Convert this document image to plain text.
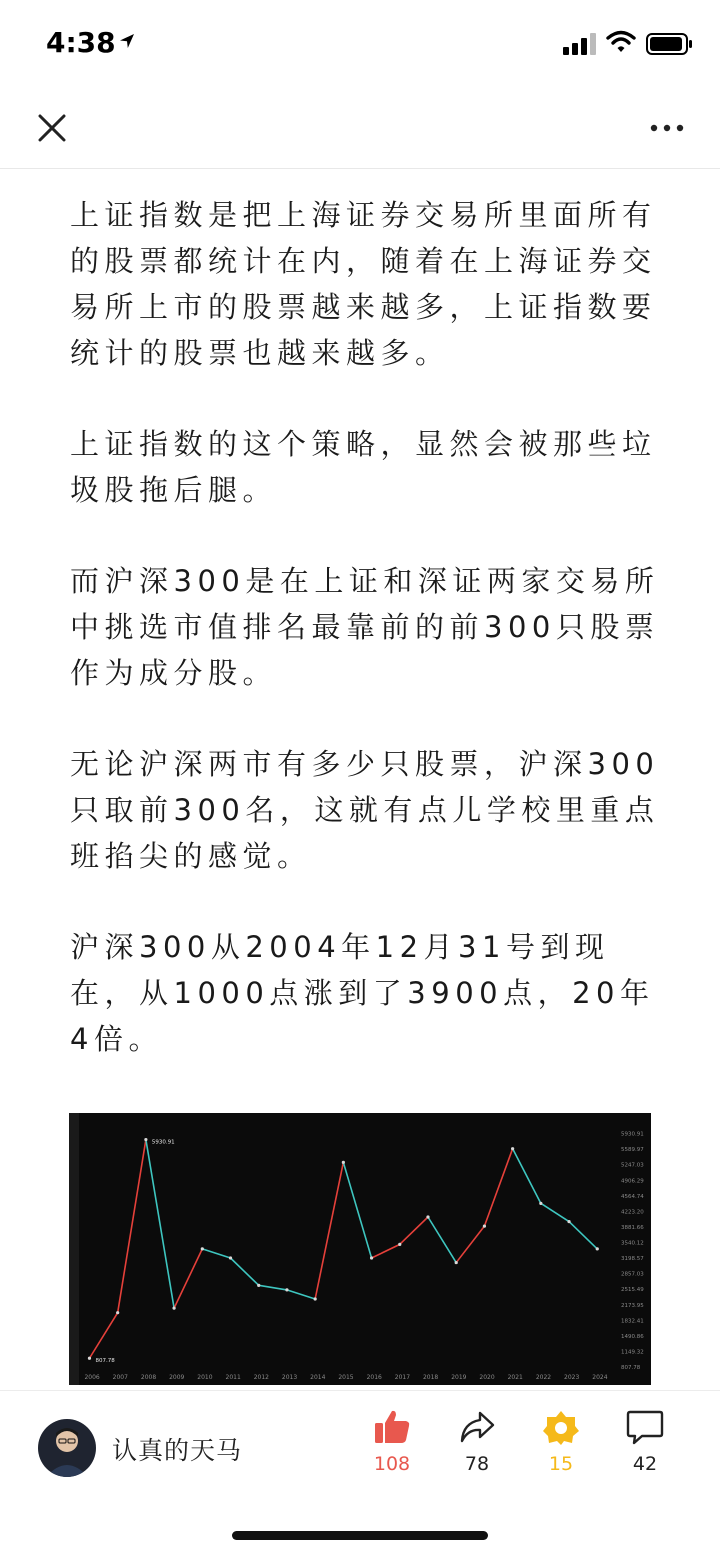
4:38

上证指数是把上海证券交易所里面所有的股票都统计在内，随着在上海证券交易所上市的股票越来越多，上证指数要统计的股票也越来越多。

上证指数的这个策略，显然会被那些垃圾股拖后腿。

而沪深300是在上证和深证两家交易所中挑选市值排名最靠前的前300只股票作为成分股。

无论沪深两市有多少只股票，沪深300只取前300名，这就有点儿学校里重点班掐尖的感觉。

沪深300从2004年12月31号到现在，从1000点涨到了3900点，20年4倍。

5930.91
5589.97
5247.03
4906.29
4564.74
4223.20
3881.66
3540.12
3198.57
2857.03
2515.49
2173.95
1832.41
1490.86
1149.32
807.78
2006 2007 2008 2009 2010 2011 2012 2013 2014 2015 2016 2017 2018 2019 2020 2021 2022 2023 2024
5930.91
807.78
认真的天马	108	78	15	42
